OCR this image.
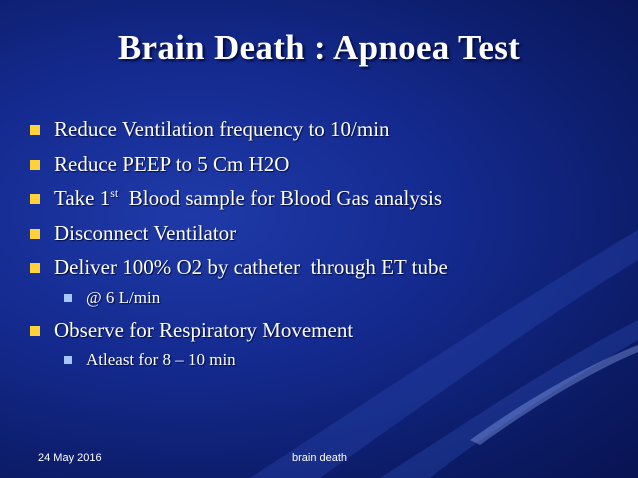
Brain Death : Apnoea Test
Reduce Ventilation frequency to 10/min
Reduce PEEP to 5 Cm H2O
Take 1st  Blood sample for Blood Gas analysis
Disconnect Ventilator
Deliver 100% O2 by catheter  through ET tube
@ 6 L/min
Observe for Respiratory Movement
Atleast for 8 – 10 min
24 May 2016	brain death
